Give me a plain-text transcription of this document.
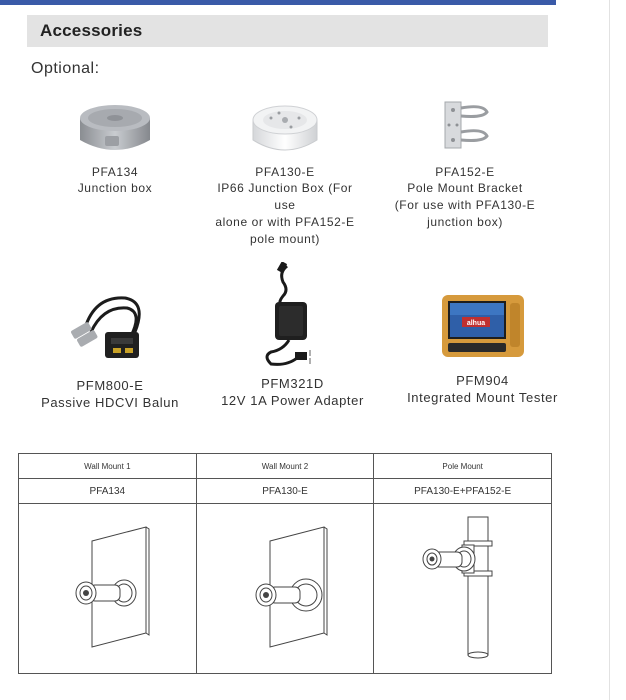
Accessories
Optional:
PFA134
Junction box
PFA130-E
IP66 Junction Box (For use
alone or with PFA152-E
pole mount)
PFA152-E
Pole Mount Bracket
(For use with PFA130-E
junction box)
PFM800-E
Passive HDCVI Balun
PFM321D
12V 1A Power Adapter
alhua
PFM904
Integrated Mount Tester
Wall Mount 1	Wall Mount 2	Pole Mount
PFA134	PFA130-E	PFA130-E+PFA152-E
